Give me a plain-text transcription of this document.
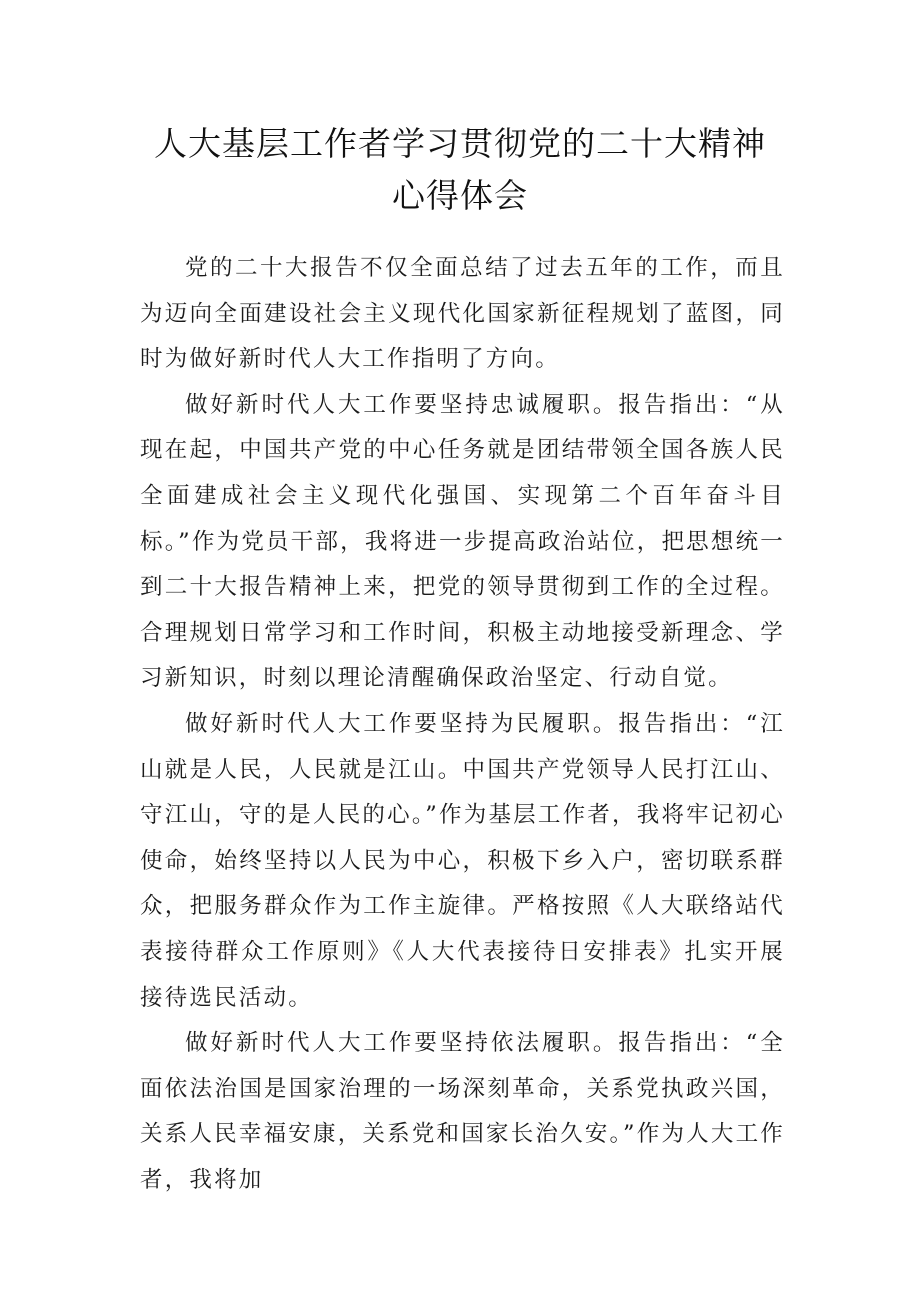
人大基层工作者学习贯彻党的二十大精神
心得体会

党的二十大报告不仅全面总结了过去五年的工作，而且为迈向全面建设社会主义现代化国家新征程规划了蓝图，同时为做好新时代人大工作指明了方向。

做好新时代人大工作要坚持忠诚履职。报告指出：“从现在起，中国共产党的中心任务就是团结带领全国各族人民全面建成社会主义现代化强国、实现第二个百年奋斗目标。”作为党员干部，我将进一步提高政治站位，把思想统一到二十大报告精神上来，把党的领导贯彻到工作的全过程。合理规划日常学习和工作时间，积极主动地接受新理念、学习新知识，时刻以理论清醒确保政治坚定、行动自觉。

做好新时代人大工作要坚持为民履职。报告指出：“江山就是人民，人民就是江山。中国共产党领导人民打江山、守江山，守的是人民的心。”作为基层工作者，我将牢记初心使命，始终坚持以人民为中心，积极下乡入户，密切联系群众，把服务群众作为工作主旋律。严格按照《人大联络站代表接待群众工作原则》《人大代表接待日安排表》扎实开展接待选民活动。

做好新时代人大工作要坚持依法履职。报告指出：“全面依法治国是国家治理的一场深刻革命，关系党执政兴国，关系人民幸福安康，关系党和国家长治久安。”作为人大工作者，我将加
